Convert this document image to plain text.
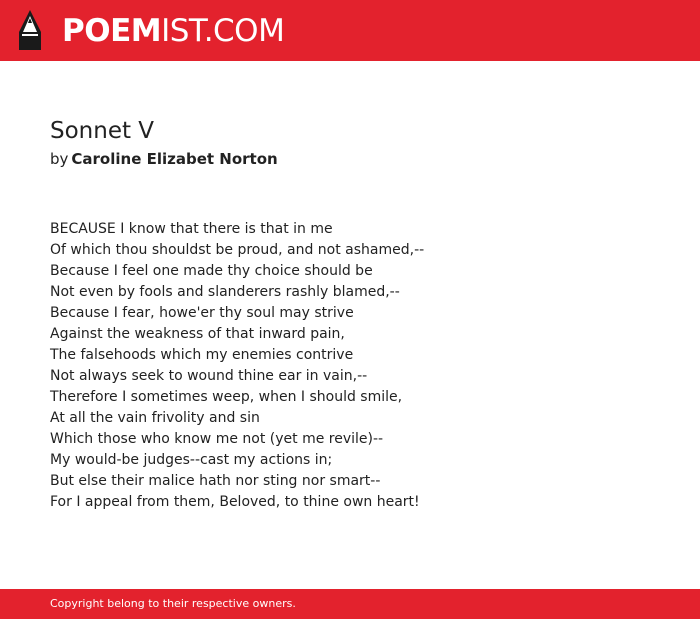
POEMIST.COM
Sonnet V
by Caroline Elizabet Norton
BECAUSE I know that there is that in me
Of which thou shouldst be proud, and not ashamed,--
Because I feel one made thy choice should be
Not even by fools and slanderers rashly blamed,--
Because I fear, howe'er thy soul may strive
Against the weakness of that inward pain,
The falsehoods which my enemies contrive
Not always seek to wound thine ear in vain,--
Therefore I sometimes weep, when I should smile,
At all the vain frivolity and sin
Which those who know me not (yet me revile)--
My would-be judges--cast my actions in;
But else their malice hath nor sting nor smart--
For I appeal from them, Beloved, to thine own heart!
Copyright belong to their respective owners.
